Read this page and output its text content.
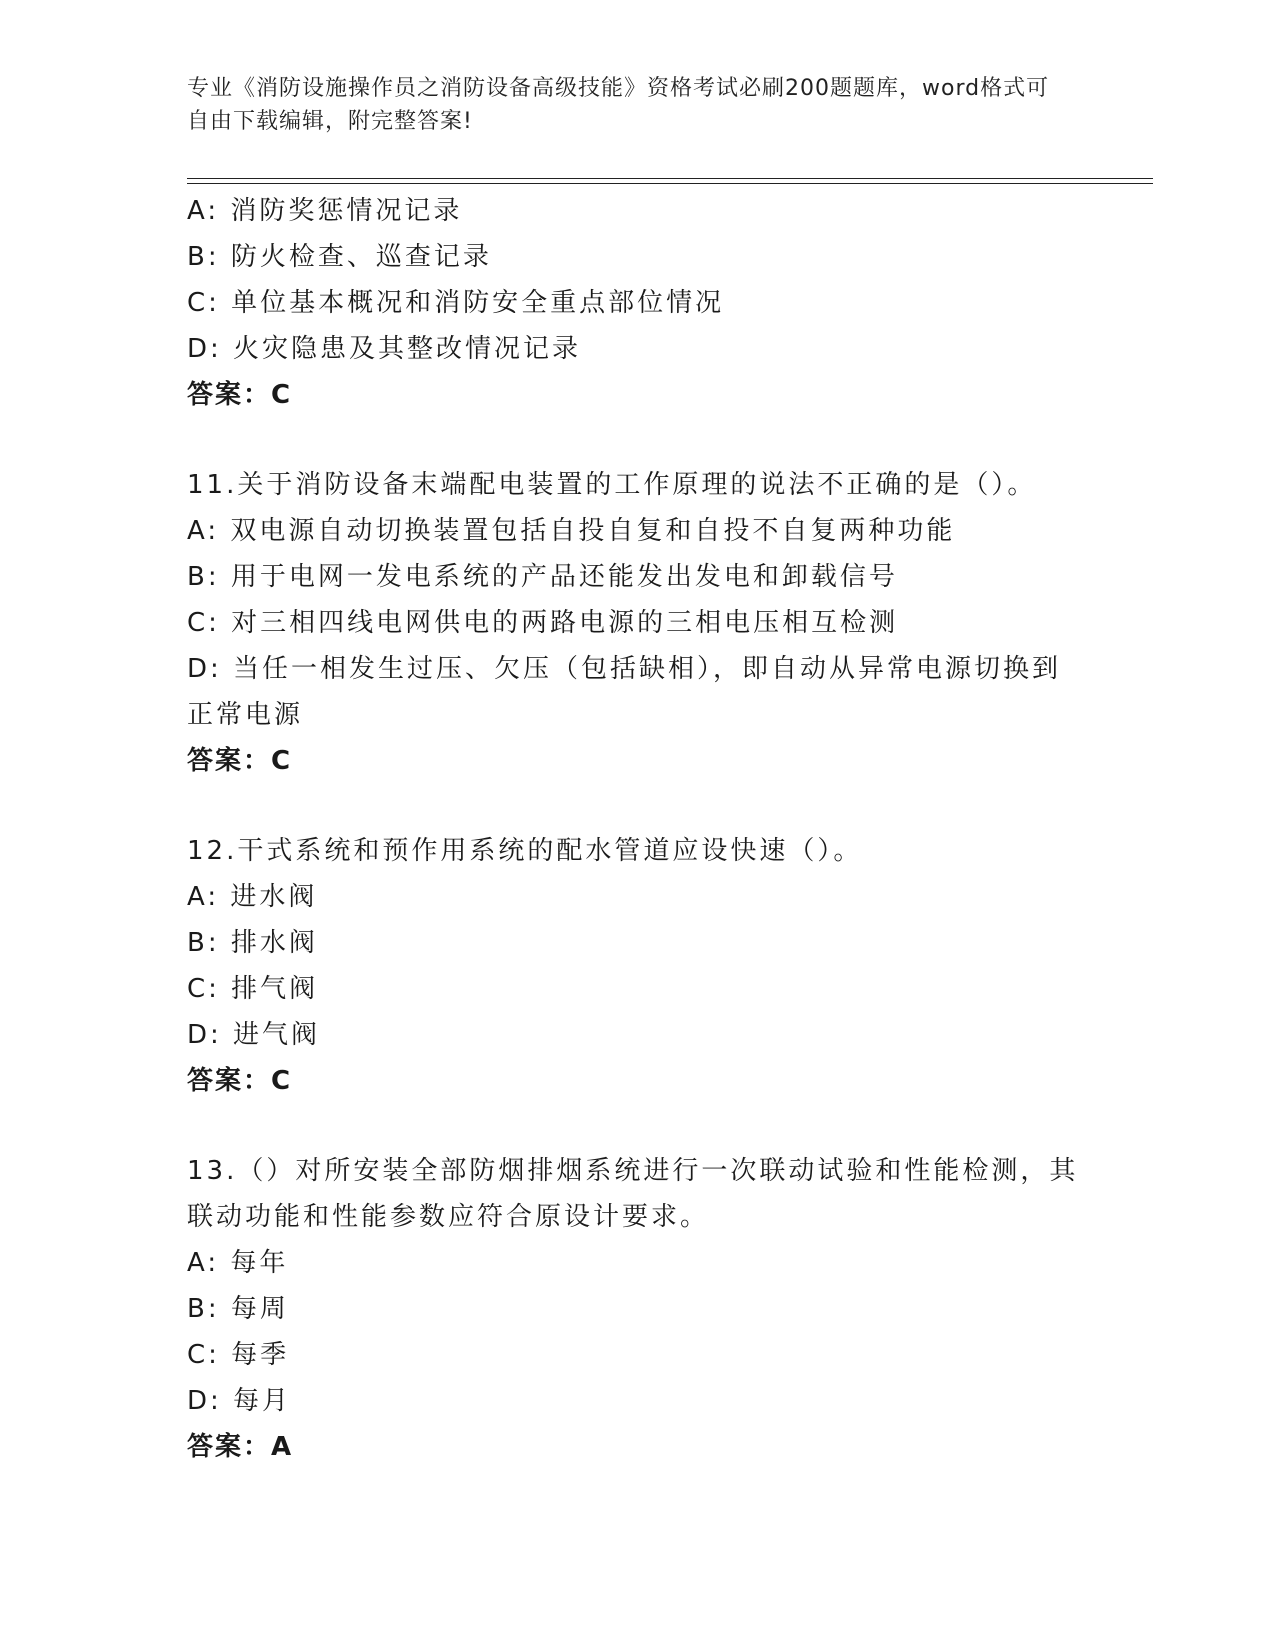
专业《消防设施操作员之消防设备高级技能》资格考试必刷200题题库，word格式可自由下载编辑，附完整答案!
A: 消防奖惩情况记录
B: 防火检查、巡查记录
C: 单位基本概况和消防安全重点部位情况
D: 火灾隐患及其整改情况记录
答案：C
11.关于消防设备末端配电装置的工作原理的说法不正确的是（）。
A: 双电源自动切换装置包括自投自复和自投不自复两种功能
B: 用于电网一发电系统的产品还能发出发电和卸载信号
C: 对三相四线电网供电的两路电源的三相电压相互检测
D: 当任一相发生过压、欠压（包括缺相），即自动从异常电源切换到
正常电源
答案：C
12.干式系统和预作用系统的配水管道应设快速（）。
A: 进水阀
B: 排水阀
C: 排气阀
D: 进气阀
答案：C
13.（）对所安装全部防烟排烟系统进行一次联动试验和性能检测，其
联动功能和性能参数应符合原设计要求。
A: 每年
B: 每周
C: 每季
D: 每月
答案：A
